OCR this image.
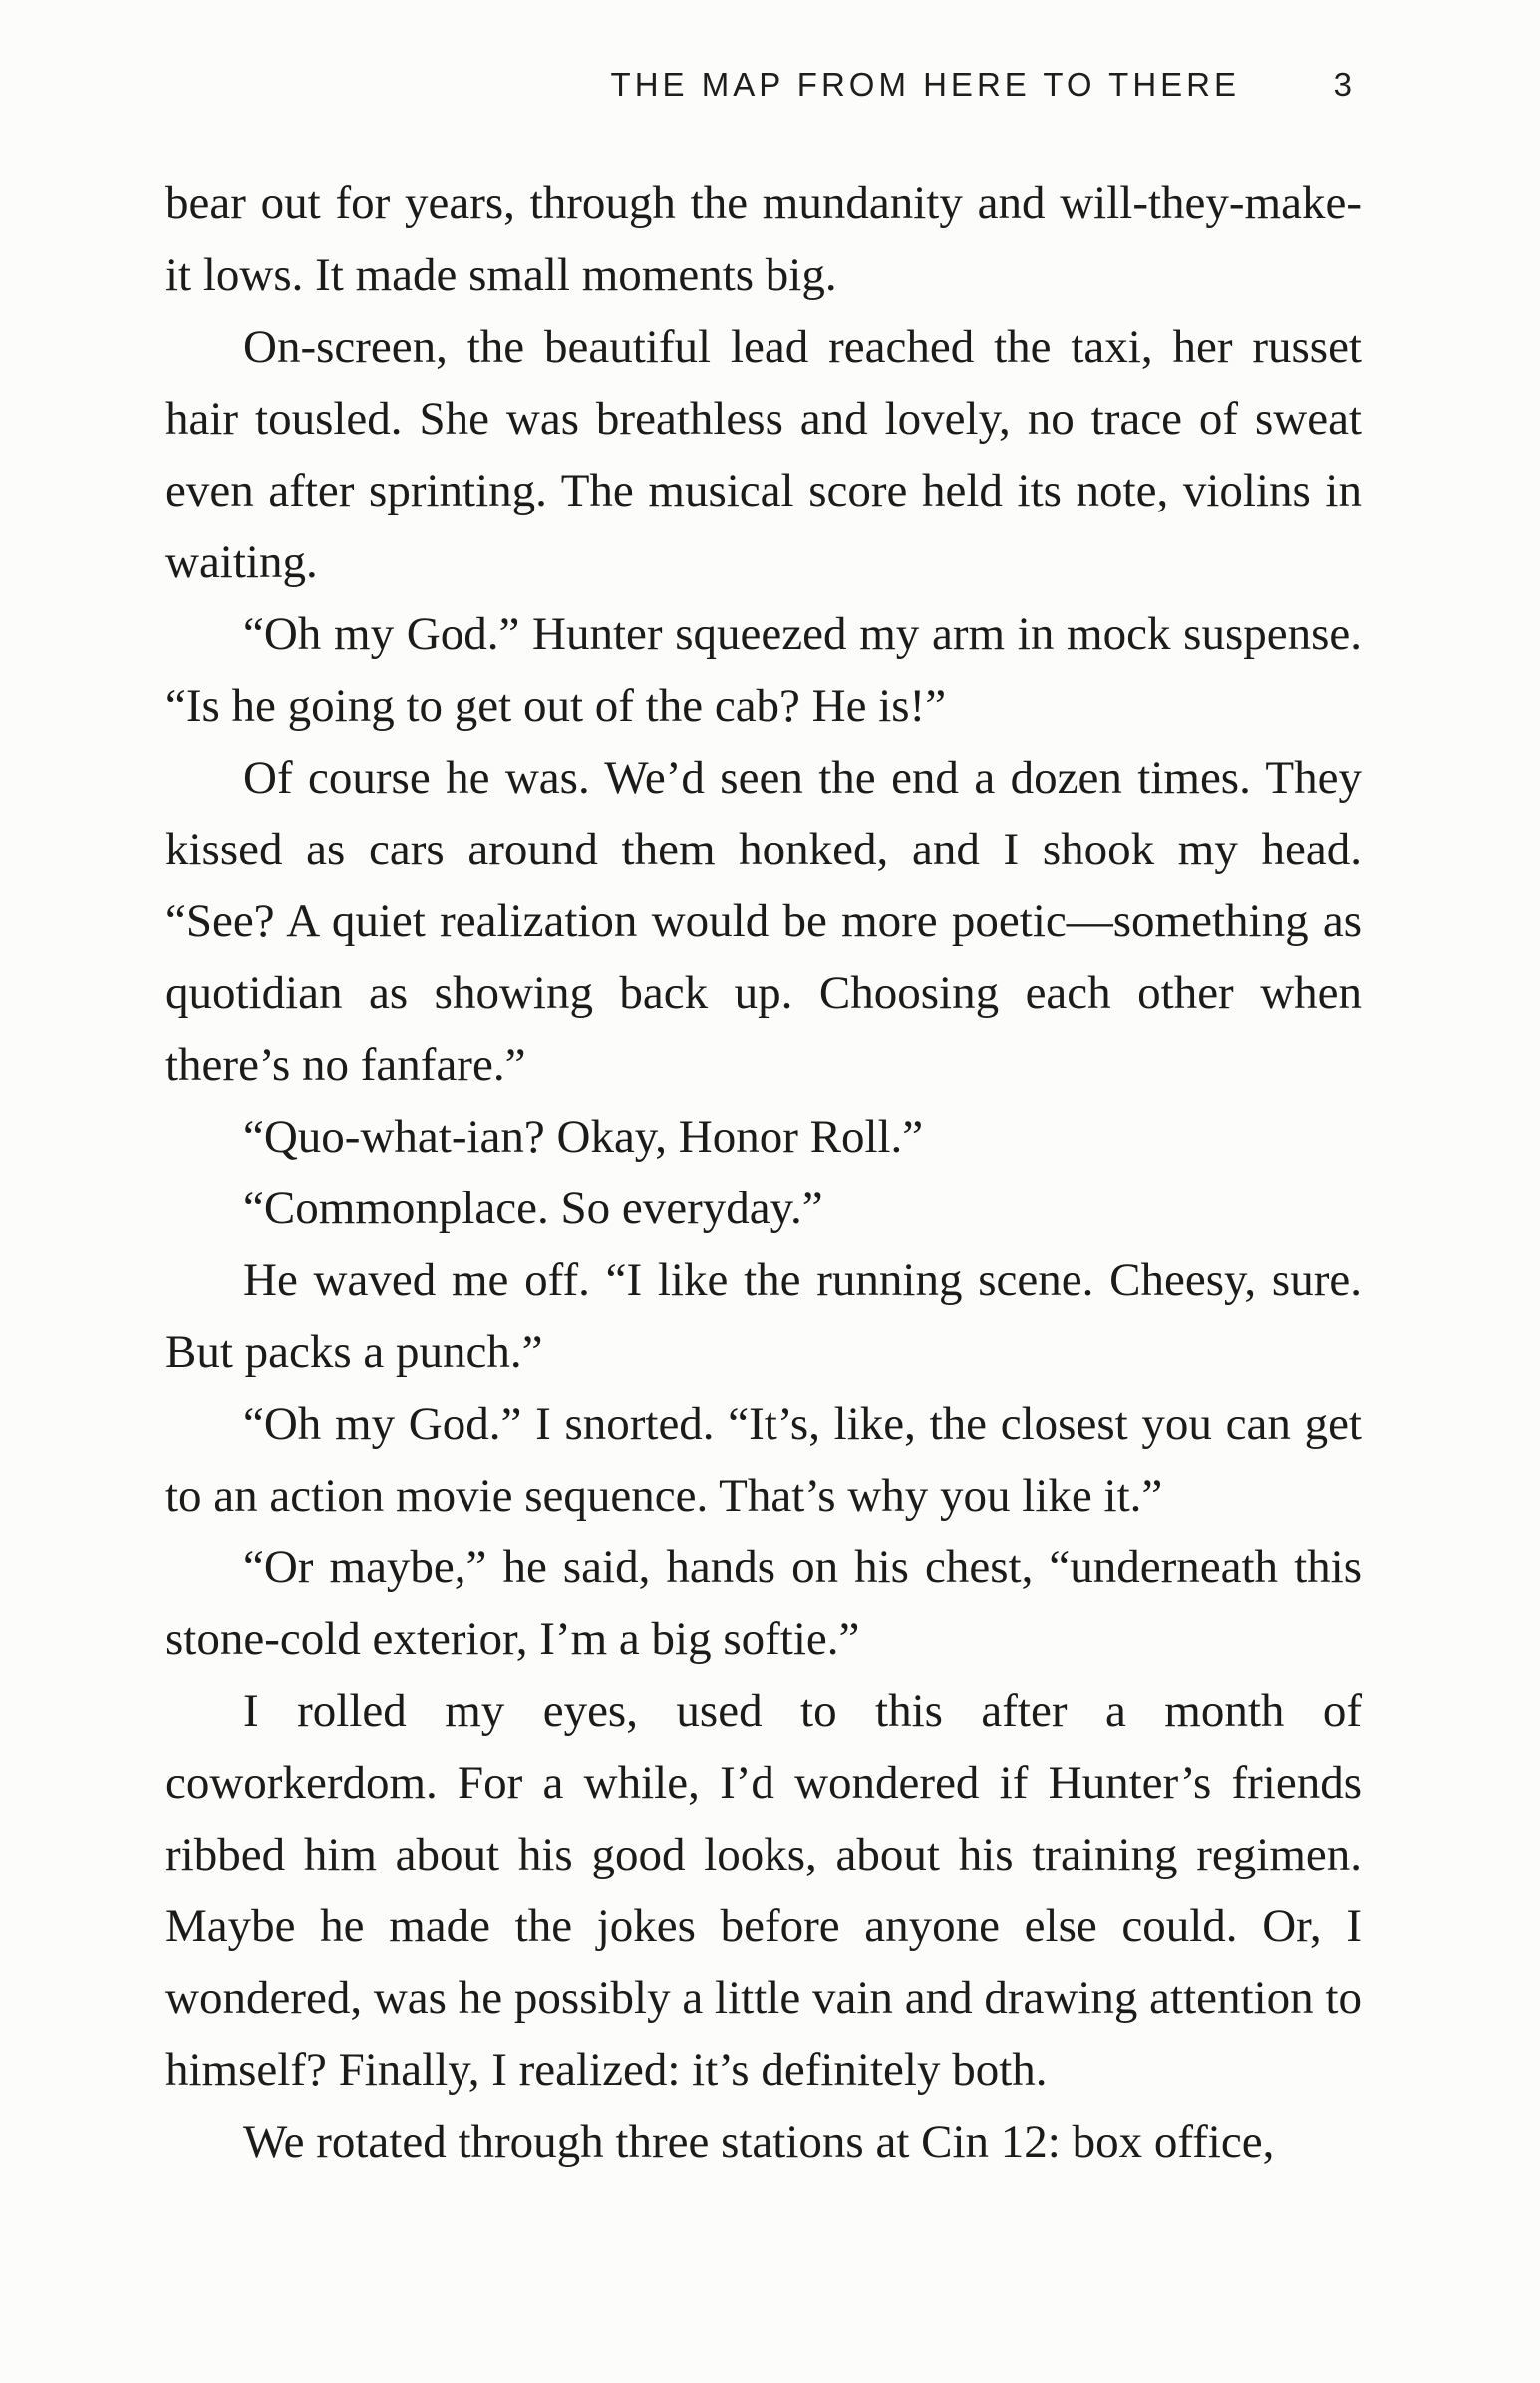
THE MAP FROM HERE TO THERE	3

bear out for years, through the mundanity and will-they-make-it lows. It made small moments big.

On-screen, the beautiful lead reached the taxi, her russet hair tousled. She was breathless and lovely, no trace of sweat even after sprinting. The musical score held its note, violins in waiting.

“Oh my God.” Hunter squeezed my arm in mock suspense. “Is he going to get out of the cab? He is!”

Of course he was. We’d seen the end a dozen times. They kissed as cars around them honked, and I shook my head. “See? A quiet realization would be more poetic—something as quotidian as showing back up. Choosing each other when there’s no fanfare.”

“Quo-what-ian? Okay, Honor Roll.”

“Commonplace. So everyday.”

He waved me off. “I like the running scene. Cheesy, sure. But packs a punch.”

“Oh my God.” I snorted. “It’s, like, the closest you can get to an action movie sequence. That’s why you like it.”

“Or maybe,” he said, hands on his chest, “underneath this stone-cold exterior, I’m a big softie.”

I rolled my eyes, used to this after a month of coworkerdom. For a while, I’d wondered if Hunter’s friends ribbed him about his good looks, about his training regimen. Maybe he made the jokes before anyone else could. Or, I wondered, was he possibly a little vain and drawing attention to himself? Finally, I realized: it’s definitely both.

We rotated through three stations at Cin 12: box office,
